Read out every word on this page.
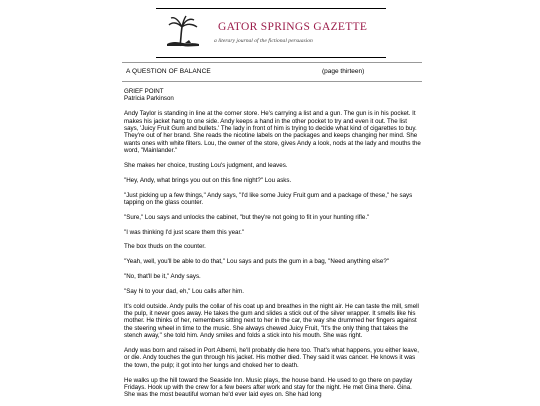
GATOR SPRINGS GAZETTE
a literary journal of the fictional persuasion
A QUESTION OF BALANCE	(page thirteen)
GRIEF POINT
Patricia Parkinson

Andy Taylor is standing in line at the corner store. He's carrying a list and a gun. The gun is in his pocket. It makes his jacket hang to one side. Andy keeps a hand in the other pocket to try and even it out. The list says, 'Juicy Fruit Gum and bullets.' The lady in front of him is trying to decide what kind of cigarettes to buy. They're out of her brand. She reads the nicotine labels on the packages and keeps changing her mind. She wants ones with white filters. Lou, the owner of the store, gives Andy a look, nods at the lady and mouths the word, "Mainlander."

She makes her choice, trusting Lou's judgment, and leaves.

"Hey, Andy, what brings you out on this fine night?" Lou asks.

"Just picking up a few things," Andy says, "I'd like some Juicy Fruit gum and a package of these," he says tapping on the glass counter.

"Sure," Lou says and unlocks the cabinet, "but they're not going to fit in your hunting rifle."

"I was thinking I'd just scare them this year."

The box thuds on the counter.

"Yeah, well, you'll be able to do that," Lou says and puts the gum in a bag, "Need anything else?"

"No, that'll be it," Andy says.

"Say hi to your dad, eh," Lou calls after him.

It's cold outside. Andy pulls the collar of his coat up and breathes in the night air. He can taste the mill, smell the pulp, it never goes away. He takes the gum and slides a stick out of the silver wrapper. It smells like his mother. He thinks of her, remembers sitting next to her in the car, the way she drummed her fingers against the steering wheel in time to the music. She always chewed Juicy Fruit, "It's the only thing that takes the stench away," she told him. Andy smiles and folds a stick into his mouth. She was right.

Andy was born and raised in Port Alberni, he'll probably die here too. That's what happens, you either leave, or die. Andy touches the gun through his jacket. His mother died. They said it was cancer. He knows it was the town, the pulp; it got into her lungs and choked her to death.

He walks up the hill toward the Seaside Inn. Music plays, the house band. He used to go there on payday Fridays. Hook up with the crew for a few beers after work and stay for the night. He met Gina there. Gina. She was the most beautiful woman he'd ever laid eyes on. She had long
